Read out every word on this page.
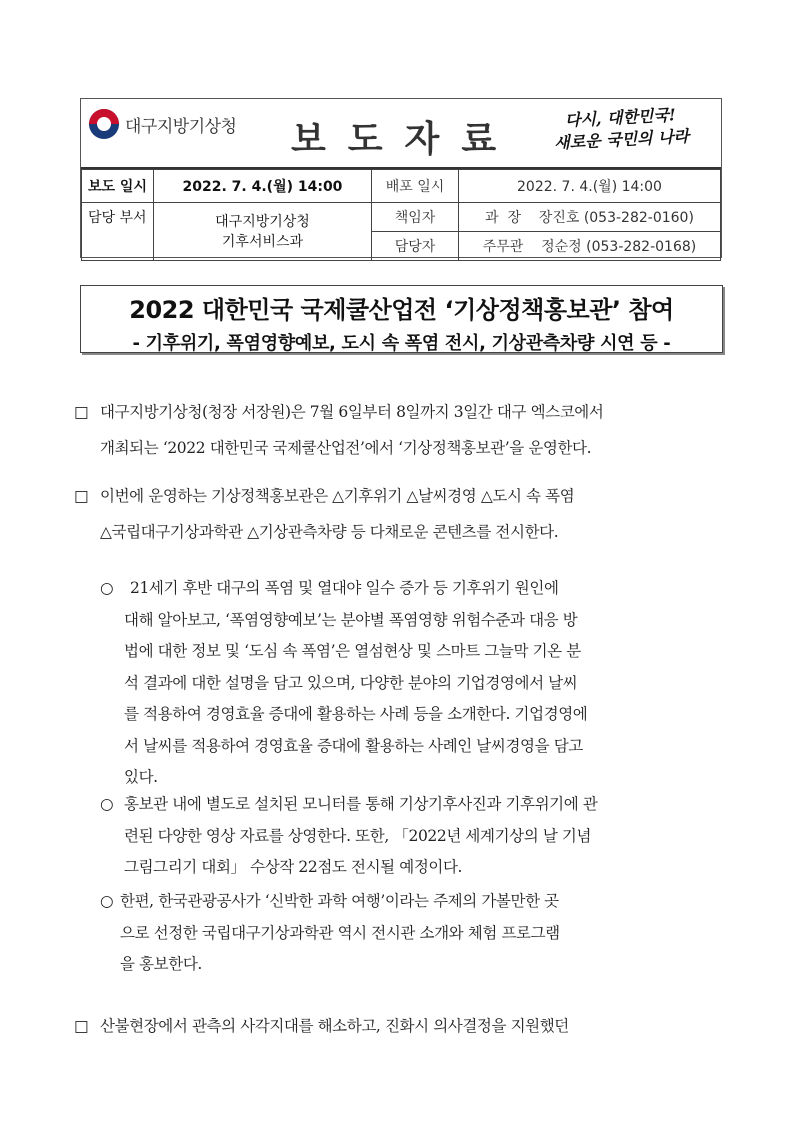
대구지방기상청 보도자료
다시, 대한민국!
새로운 국민의 나라
보도 일시	2022. 7. 4.(월) 14:00	배포 일시	2022. 7. 4.(월) 14:00
담당 부서	대구지방기상청
기후서비스과	책임자	과  장    장진호 (053-282-0160)
		담당자	주무관    정순정 (053-282-0168)
2022 대한민국 국제쿨산업전 ‘기상정책홍보관’ 참여
- 기후위기, 폭염영향예보, 도시 속 폭염 전시, 기상관측차량 시연 등 -
□ 대구지방기상청(청장 서장원)은 7월 6일부터 8일까지 3일간 대구 엑스코에서
개최되는 ‘2022 대한민국 국제쿨산업전’에서 ‘기상정책홍보관’을 운영한다.
□ 이번에 운영하는 기상정책홍보관은 △기후위기 △날씨경영 △도시 속 폭염
△국립대구기상과학관 △기상관측차량 등 다채로운 콘텐츠를 전시한다.
○ 21세기 후반 대구의 폭염 및 열대야 일수 증가 등 기후위기 원인에
대해 알아보고, ‘폭염영향예보’는 분야별 폭염영향 위험수준과 대응 방
법에 대한 정보 및 ‘도심 속 폭염’은 열섬현상 및 스마트 그늘막 기온 분
석 결과에 대한 설명을 담고 있으며, 다양한 분야의 기업경영에서 날씨
를 적용하여 경영효율 증대에 활용하는 사례 등을 소개한다. 기업경영에
서 날씨를 적용하여 경영효율 증대에 활용하는 사례인 날씨경영을 담고
있다.
○ 홍보관 내에 별도로 설치된 모니터를 통해 기상기후사진과 기후위기에 관
련된 다양한 영상 자료를 상영한다. 또한, 「2022년 세계기상의 날 기념
그림그리기 대회」 수상작 22점도 전시될 예정이다.
○ 한편, 한국관광공사가 ‘신박한 과학 여행’이라는 주제의 가볼만한 곳
으로 선정한 국립대구기상과학관 역시 전시관 소개와 체험 프로그램
을 홍보한다.
□ 산불현장에서 관측의 사각지대를 해소하고, 진화시 의사결정을 지원했던
